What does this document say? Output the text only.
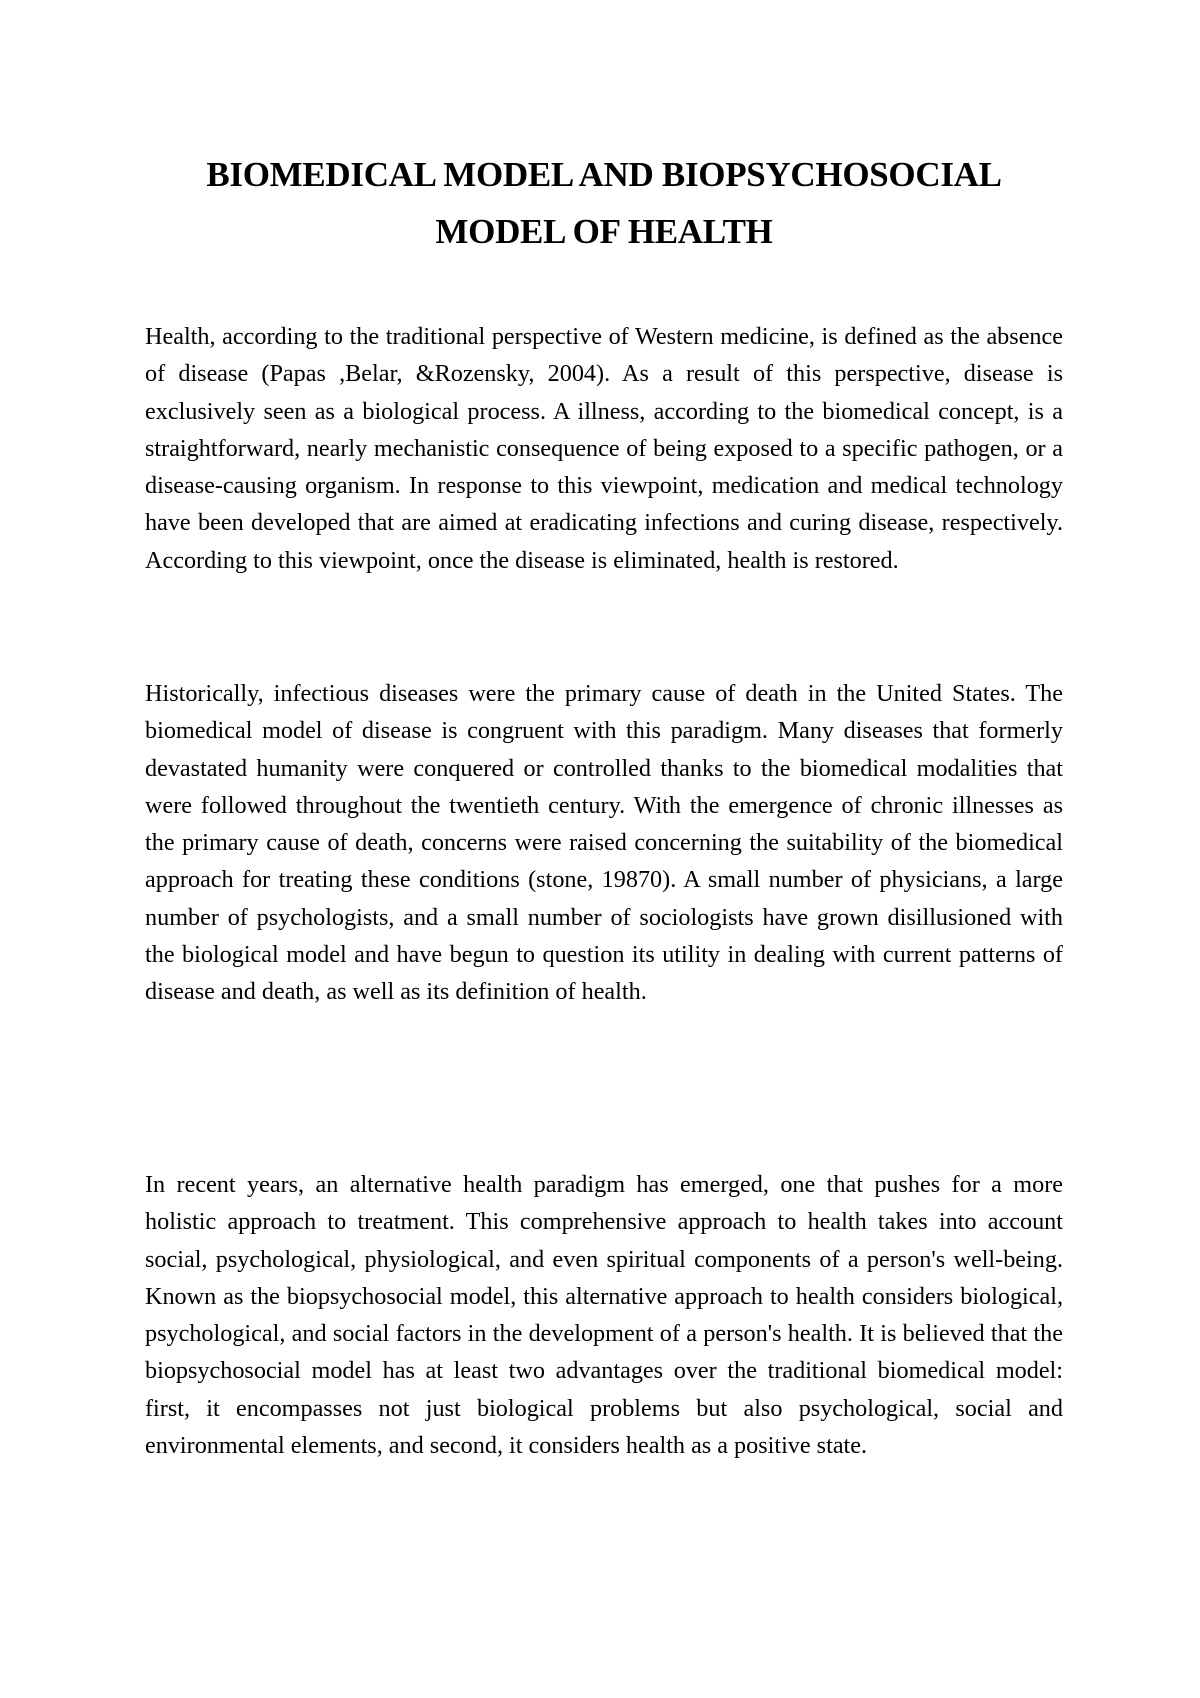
BIOMEDICAL MODEL AND BIOPSYCHOSOCIAL
MODEL OF HEALTH

Health, according to the traditional perspective of Western medicine, is defined as the absence of disease (Papas ,Belar, &Rozensky, 2004). As a result of this perspective, disease is exclusively seen as a biological process. A illness, according to the biomedical concept, is a straightforward, nearly mechanistic consequence of being exposed to a specific pathogen, or a disease-causing organism. In response to this viewpoint, medication and medical technology have been developed that are aimed at eradicating infections and curing disease, respectively. According to this viewpoint, once the disease is eliminated, health is restored.

Historically, infectious diseases were the primary cause of death in the United States. The biomedical model of disease is congruent with this paradigm. Many diseases that formerly devastated humanity were conquered or controlled thanks to the biomedical modalities that were followed throughout the twentieth century. With the emergence of chronic illnesses as the primary cause of death, concerns were raised concerning the suitability of the biomedical approach for treating these conditions (stone, 19870). A small number of physicians, a large number of psychologists, and a small number of sociologists have grown disillusioned with the biological model and have begun to question its utility in dealing with current patterns of disease and death, as well as its definition of health.

In recent years, an alternative health paradigm has emerged, one that pushes for a more holistic approach to treatment. This comprehensive approach to health takes into account social, psychological, physiological, and even spiritual components of a person's well-being. Known as the biopsychosocial model, this alternative approach to health considers biological, psychological, and social factors in the development of a person's health. It is believed that the biopsychosocial model has at least two advantages over the traditional biomedical model: first, it encompasses not just biological problems but also psychological, social and environmental elements, and second, it considers health as a positive state.
